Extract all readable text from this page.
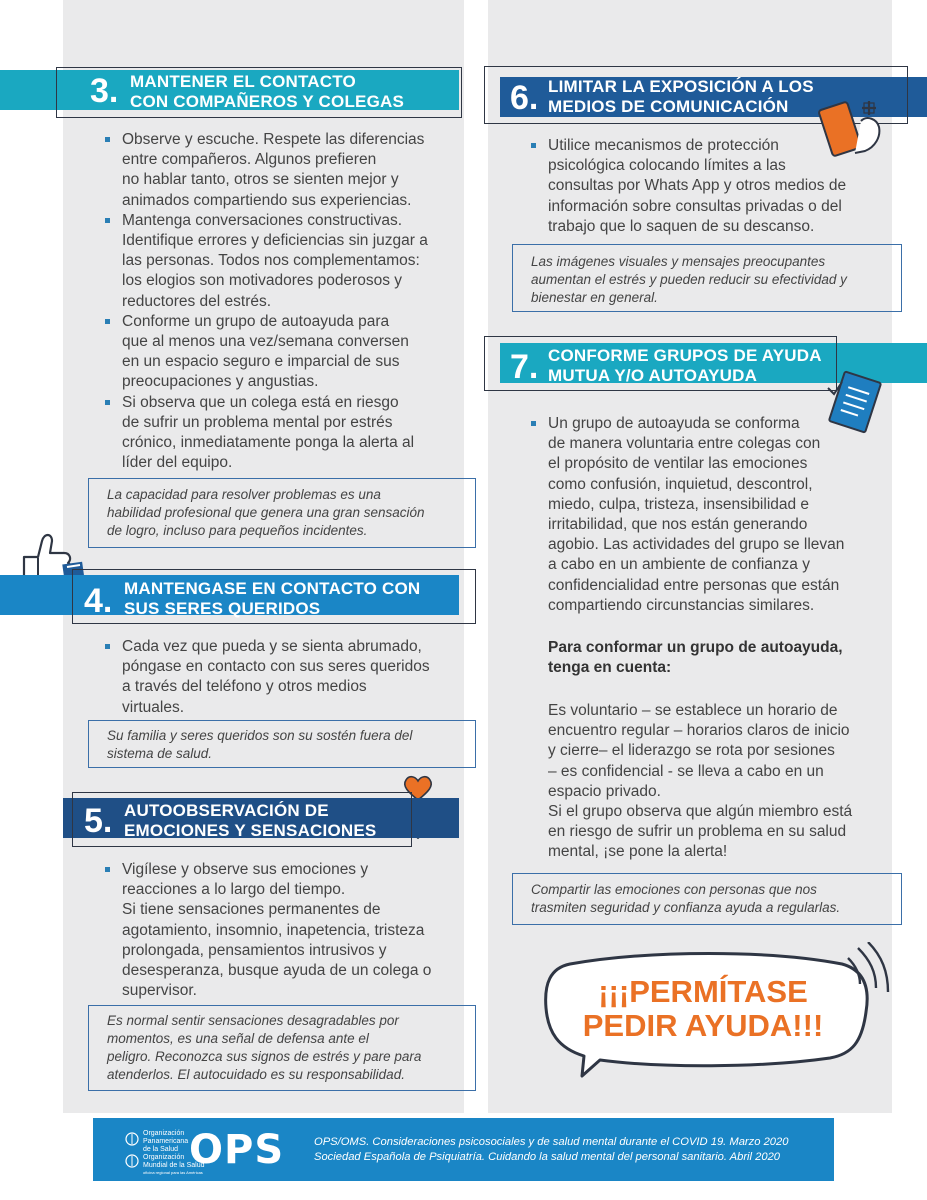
3. MANTENER EL CONTACTO
CON COMPAÑEROS Y COLEGAS
Observe y escuche. Respete las diferencias
entre compañeros. Algunos prefieren
no hablar tanto, otros se sienten mejor y
animados compartiendo sus experiencias.
Mantenga conversaciones constructivas.
Identifique errores y deficiencias sin juzgar a
las personas. Todos nos complementamos:
los elogios son motivadores poderosos y
reductores del estrés.
Conforme un grupo de autoayuda para
que al menos una vez/semana conversen
en un espacio seguro e imparcial de sus
preocupaciones y angustias.
Si observa que un colega está en riesgo
de sufrir un problema mental por estrés
crónico, inmediatamente ponga la alerta al
líder del equipo.
La capacidad para resolver problemas es una
habilidad profesional que genera una gran sensación
de logro, incluso para pequeños incidentes.
4. MANTENGASE EN CONTACTO CON
SUS SERES QUERIDOS
Cada vez que pueda y se sienta abrumado,
póngase en contacto con sus seres queridos
a través del teléfono y otros medios
virtuales.
Su familia y seres queridos son su sostén fuera del
sistema de salud.
5. AUTOOBSERVACIÓN DE
EMOCIONES Y SENSACIONES
Vigílese y observe sus emociones y
reacciones a lo largo del tiempo.
Si tiene sensaciones permanentes de
agotamiento, insomnio, inapetencia, tristeza
prolongada, pensamientos intrusivos y
desesperanza, busque ayuda de un colega o
supervisor.
Es normal sentir sensaciones desagradables por
momentos, es una señal de defensa ante el
peligro. Reconozca sus signos de estrés y pare para
atenderlos. El autocuidado es su responsabilidad.
6. LIMITAR LA EXPOSICIÓN A LOS
MEDIOS DE COMUNICACIÓN
Utilice mecanismos de protección
psicológica colocando límites a las
consultas por Whats App y otros medios de
información sobre consultas privadas o del
trabajo que lo saquen de su descanso.
Las imágenes visuales y mensajes preocupantes
aumentan el estrés y pueden reducir su efectividad y
bienestar en general.
7. CONFORME GRUPOS DE AYUDA
MUTUA Y/O AUTOAYUDA
Un grupo de autoayuda se conforma
de manera voluntaria entre colegas con
el propósito de ventilar las emociones
como confusión, inquietud, descontrol,
miedo, culpa, tristeza, insensibilidad e
irritabilidad, que nos están generando
agobio. Las actividades del grupo se llevan
a cabo en un ambiente de confianza y
confidencialidad entre personas que están
compartiendo circunstancias similares.
Para conformar un grupo de autoayuda,
tenga en cuenta:
Es voluntario – se establece un horario de
encuentro regular – horarios claros de inicio
y cierre– el liderazgo se rota por sesiones
– es confidencial - se lleva a cabo en un
espacio privado.
Si el grupo observa que algún miembro está
en riesgo de sufrir un problema en su salud
mental, ¡se pone la alerta!
Compartir las emociones con personas que nos
trasmiten seguridad y confianza ayuda a regularlas.
¡¡¡PERMÍTASE
PEDIR AYUDA!!!
Organización
Panamericana
de la Salud
Organización
Mundial de la Salud
oficina regional para las Américas
OPS	OPS/OMS. Consideraciones psicosociales y de salud mental durante el COVID 19. Marzo 2020
Sociedad Española de Psiquiatría. Cuidando la salud mental del personal sanitario. Abril 2020
